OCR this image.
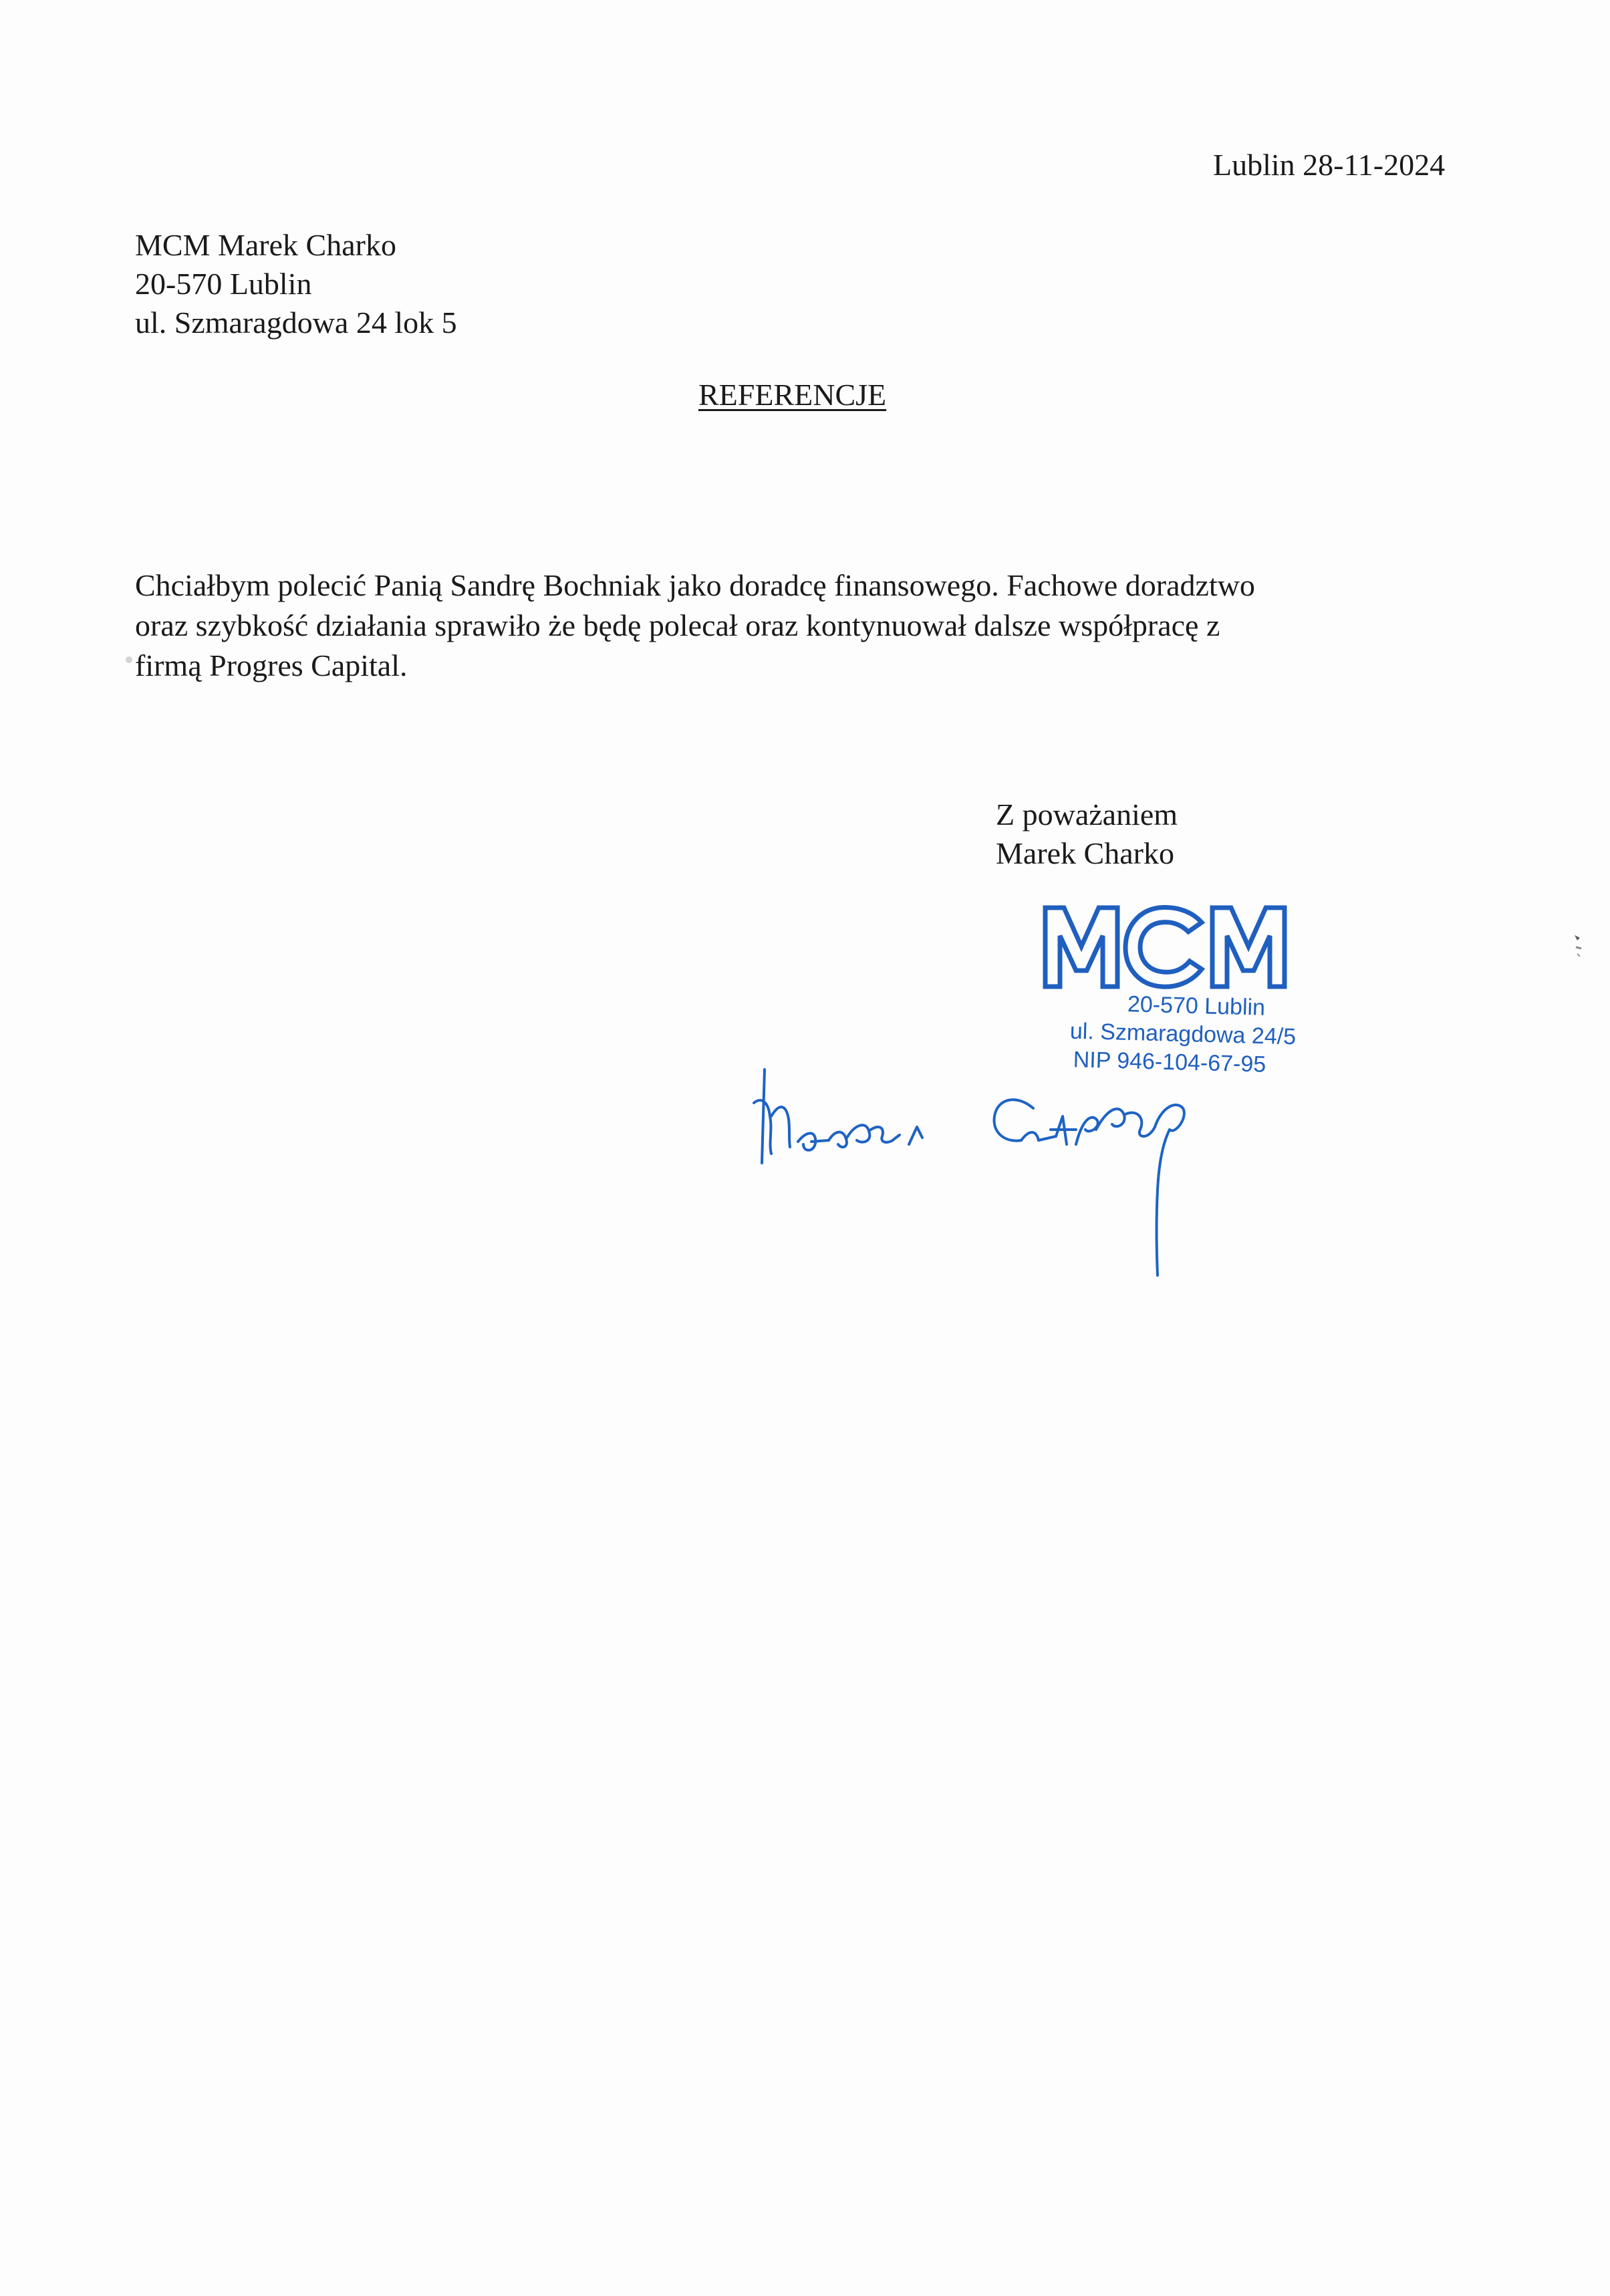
Lublin 28-11-2024
MCM Marek Charko
20-570 Lublin
ul. Szmaragdowa 24 lok 5
REFERENCJE
Chciałbym polecić Panią Sandrę Bochniak jako doradcę finansowego. Fachowe doradztwo
oraz szybkość działania sprawiło że będę polecał oraz kontynuował dalsze współpracę z
firmą Progres Capital.
Z poważaniem
Marek Charko
20-570 Lublin
ul. Szmaragdowa 24/5
NIP 946-104-67-95
